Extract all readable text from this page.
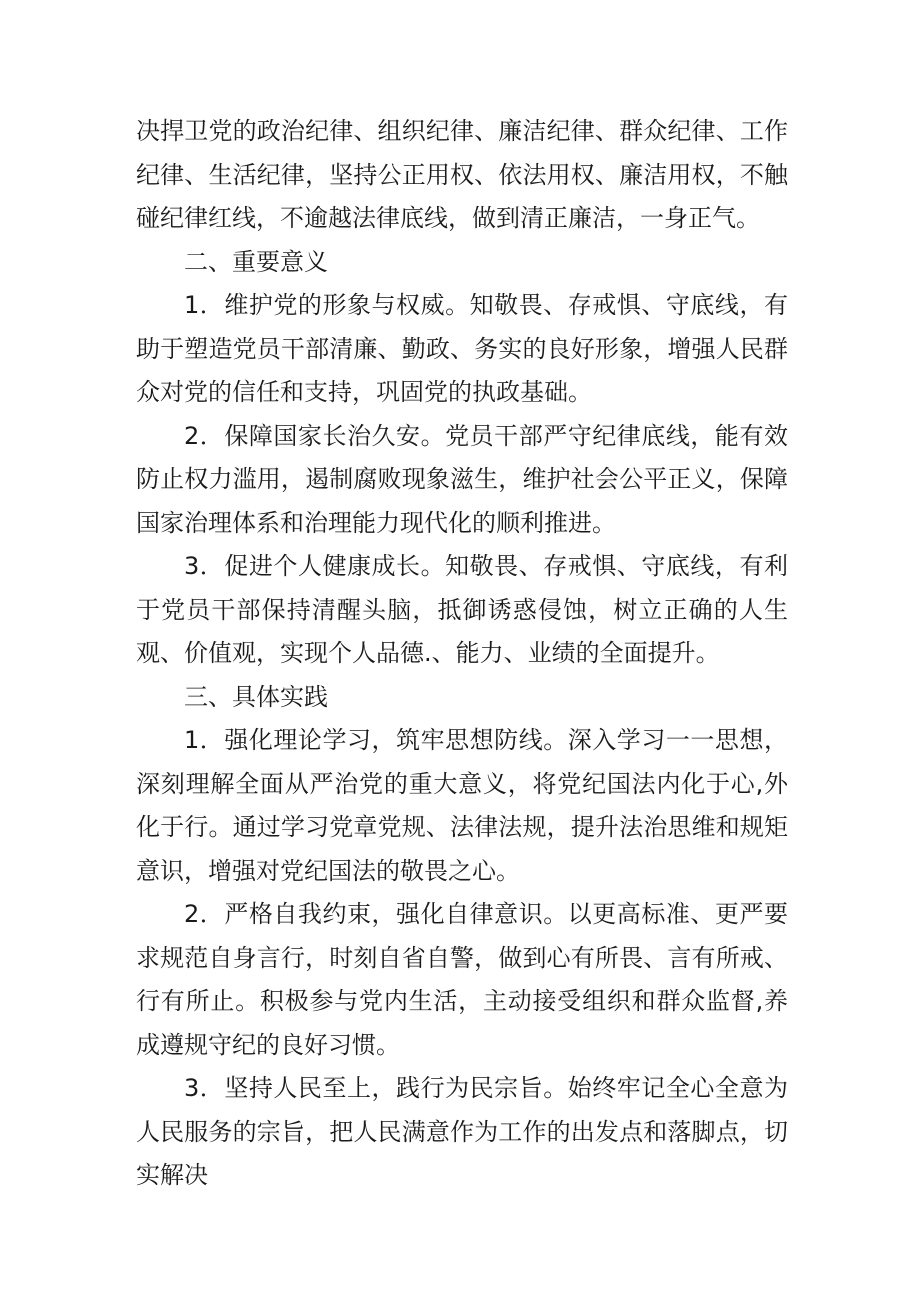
决捍卫党的政治纪律、组织纪律、廉洁纪律、群众纪律、工作纪律、生活纪律，坚持公正用权、依法用权、廉洁用权，不触碰纪律红线，不逾越法律底线，做到清正廉洁，一身正气。

二、重要意义

1．维护党的形象与权威。知敬畏、存戒惧、守底线，有助于塑造党员干部清廉、勤政、务实的良好形象，增强人民群众对党的信任和支持，巩固党的执政基础。

2．保障国家长治久安。党员干部严守纪律底线，能有效防止权力滥用，遏制腐败现象滋生，维护社会公平正义，保障国家治理体系和治理能力现代化的顺利推进。

3．促进个人健康成长。知敬畏、存戒惧、守底线，有利于党员干部保持清醒头脑，抵御诱惑侵蚀，树立正确的人生观、价值观，实现个人品德.、能力、业绩的全面提升。

三、具体实践

1．强化理论学习，筑牢思想防线。深入学习一一思想，深刻理解全面从严治党的重大意义，将党纪国法内化于心,外化于行。通过学习党章党规、法律法规，提升法治思维和规矩意识，增强对党纪国法的敬畏之心。

2．严格自我约束，强化自律意识。以更高标准、更严要求规范自身言行，时刻自省自警，做到心有所畏、言有所戒、行有所止。积极参与党内生活，主动接受组织和群众监督,养成遵规守纪的良好习惯。

3．坚持人民至上，践行为民宗旨。始终牢记全心全意为人民服务的宗旨，把人民满意作为工作的出发点和落脚点，切实解决
